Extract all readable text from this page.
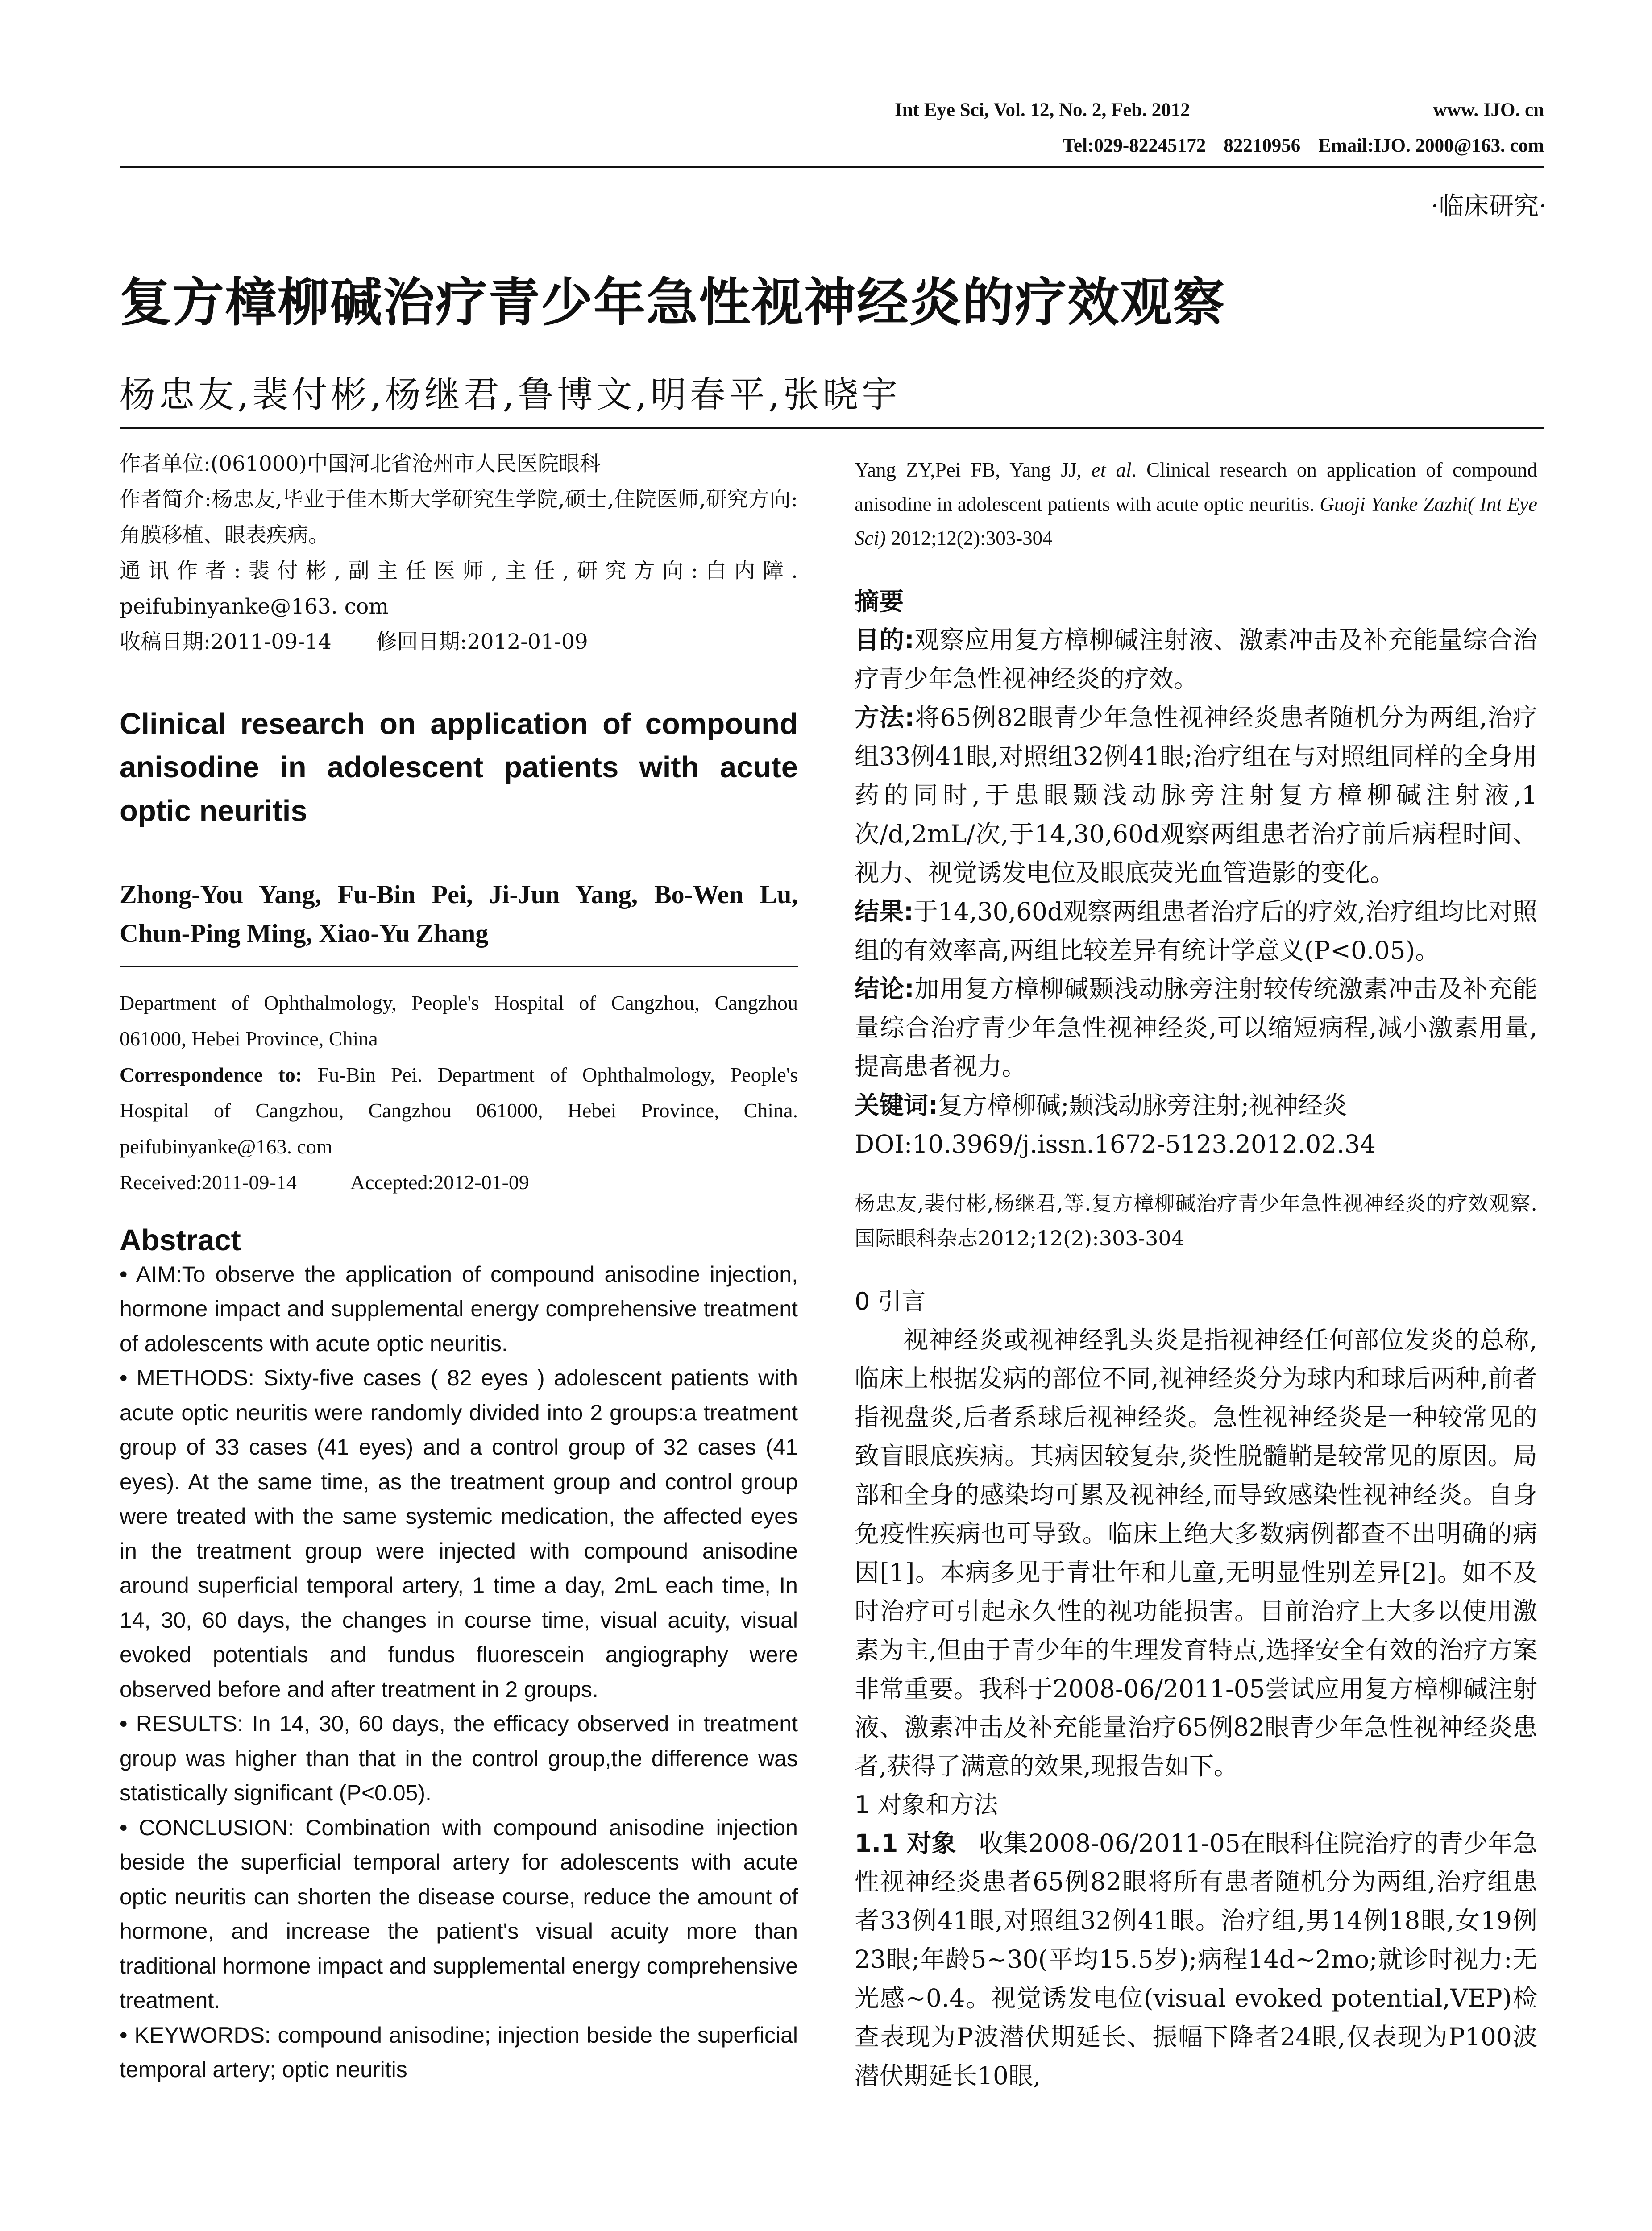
Int Eye Sci, Vol. 12, No. 2, Feb. 2012	www. IJO. cn
Tel:029-82245172 82210956 Email:IJO. 2000@163. com
·临床研究·
复方樟柳碱治疗青少年急性视神经炎的疗效观察
杨忠友,裴付彬,杨继君,鲁博文,明春平,张晓宇
作者单位:(061000)中国河北省沧州市人民医院眼科
作者简介:杨忠友,毕业于佳木斯大学研究生学院,硕士,住院医师,研究方向:角膜移植、眼表疾病。
通讯作者:裴付彬,副主任医师,主任,研究方向:白内障. peifubinyanke@163. com
收稿日期:2011-09-14 修回日期:2012-01-09
Clinical research on application of compound anisodine in adolescent patients with acute optic neuritis
Zhong-You Yang, Fu-Bin Pei, Ji-Jun Yang, Bo-Wen Lu, Chun-Ping Ming, Xiao-Yu Zhang
Department of Ophthalmology, People's Hospital of Cangzhou, Cangzhou 061000, Hebei Province, China
Correspondence to: Fu-Bin Pei. Department of Ophthalmology, People's Hospital of Cangzhou, Cangzhou 061000, Hebei Province, China. peifubinyanke@163. com
Received:2011-09-14	Accepted:2012-01-09
Abstract

• AIM:To observe the application of compound anisodine injection, hormone impact and supplemental energy comprehensive treatment of adolescents with acute optic neuritis.

• METHODS: Sixty-five cases ( 82 eyes ) adolescent patients with acute optic neuritis were randomly divided into 2 groups:a treatment group of 33 cases (41 eyes) and a control group of 32 cases (41 eyes). At the same time, as the treatment group and control group were treated with the same systemic medication, the affected eyes in the treatment group were injected with compound anisodine around superficial temporal artery, 1 time a day, 2mL each time, In 14, 30, 60 days, the changes in course time, visual acuity, visual evoked potentials and fundus fluorescein angiography were observed before and after treatment in 2 groups.

• RESULTS: In 14, 30, 60 days, the efficacy observed in treatment group was higher than that in the control group,the difference was statistically significant (P<0.05).

• CONCLUSION: Combination with compound anisodine injection beside the superficial temporal artery for adolescents with acute optic neuritis can shorten the disease course, reduce the amount of hormone, and increase the patient's visual acuity more than traditional hormone impact and supplemental energy comprehensive treatment.

• KEYWORDS: compound anisodine; injection beside the superficial temporal artery; optic neuritis

Yang ZY,Pei FB, Yang JJ, et al. Clinical research on application of compound anisodine in adolescent patients with acute optic neuritis. Guoji Yanke Zazhi( Int Eye Sci) 2012;12(2):303-304

摘要

目的:观察应用复方樟柳碱注射液、激素冲击及补充能量综合治疗青少年急性视神经炎的疗效。

方法:将65例82眼青少年急性视神经炎患者随机分为两组,治疗组33例41眼,对照组32例41眼;治疗组在与对照组同样的全身用药的同时,于患眼颞浅动脉旁注射复方樟柳碱注射液,1次/d,2mL/次,于14,30,60d观察两组患者治疗前后病程时间、视力、视觉诱发电位及眼底荧光血管造影的变化。

结果:于14,30,60d观察两组患者治疗后的疗效,治疗组均比对照组的有效率高,两组比较差异有统计学意义(P<0.05)。

结论:加用复方樟柳碱颞浅动脉旁注射较传统激素冲击及补充能量综合治疗青少年急性视神经炎,可以缩短病程,减小激素用量,提高患者视力。

关键词:复方樟柳碱;颞浅动脉旁注射;视神经炎

DOI:10.3969/j.issn.1672-5123.2012.02.34

杨忠友,裴付彬,杨继君,等.复方樟柳碱治疗青少年急性视神经炎的疗效观察.国际眼科杂志2012;12(2):303-304

0 引言

视神经炎或视神经乳头炎是指视神经任何部位发炎的总称,临床上根据发病的部位不同,视神经炎分为球内和球后两种,前者指视盘炎,后者系球后视神经炎。急性视神经炎是一种较常见的致盲眼底疾病。其病因较复杂,炎性脱髓鞘是较常见的原因。局部和全身的感染均可累及视神经,而导致感染性视神经炎。自身免疫性疾病也可导致。临床上绝大多数病例都查不出明确的病因[1]。本病多见于青壮年和儿童,无明显性别差异[2]。如不及时治疗可引起永久性的视功能损害。目前治疗上大多以使用激素为主,但由于青少年的生理发育特点,选择安全有效的治疗方案非常重要。我科于2008-06/2011-05尝试应用复方樟柳碱注射液、激素冲击及补充能量治疗65例82眼青少年急性视神经炎患者,获得了满意的效果,现报告如下。

1 对象和方法

1.1 对象 收集2008-06/2011-05在眼科住院治疗的青少年急性视神经炎患者65例82眼将所有患者随机分为两组,治疗组患者33例41眼,对照组32例41眼。治疗组,男14例18眼,女19例23眼;年龄5~30(平均15.5岁);病程14d~2mo;就诊时视力:无光感~0.4。视觉诱发电位(visual evoked potential,VEP)检查表现为P波潜伏期延长、振幅下降者24眼,仅表现为P100波潜伏期延长10眼,
